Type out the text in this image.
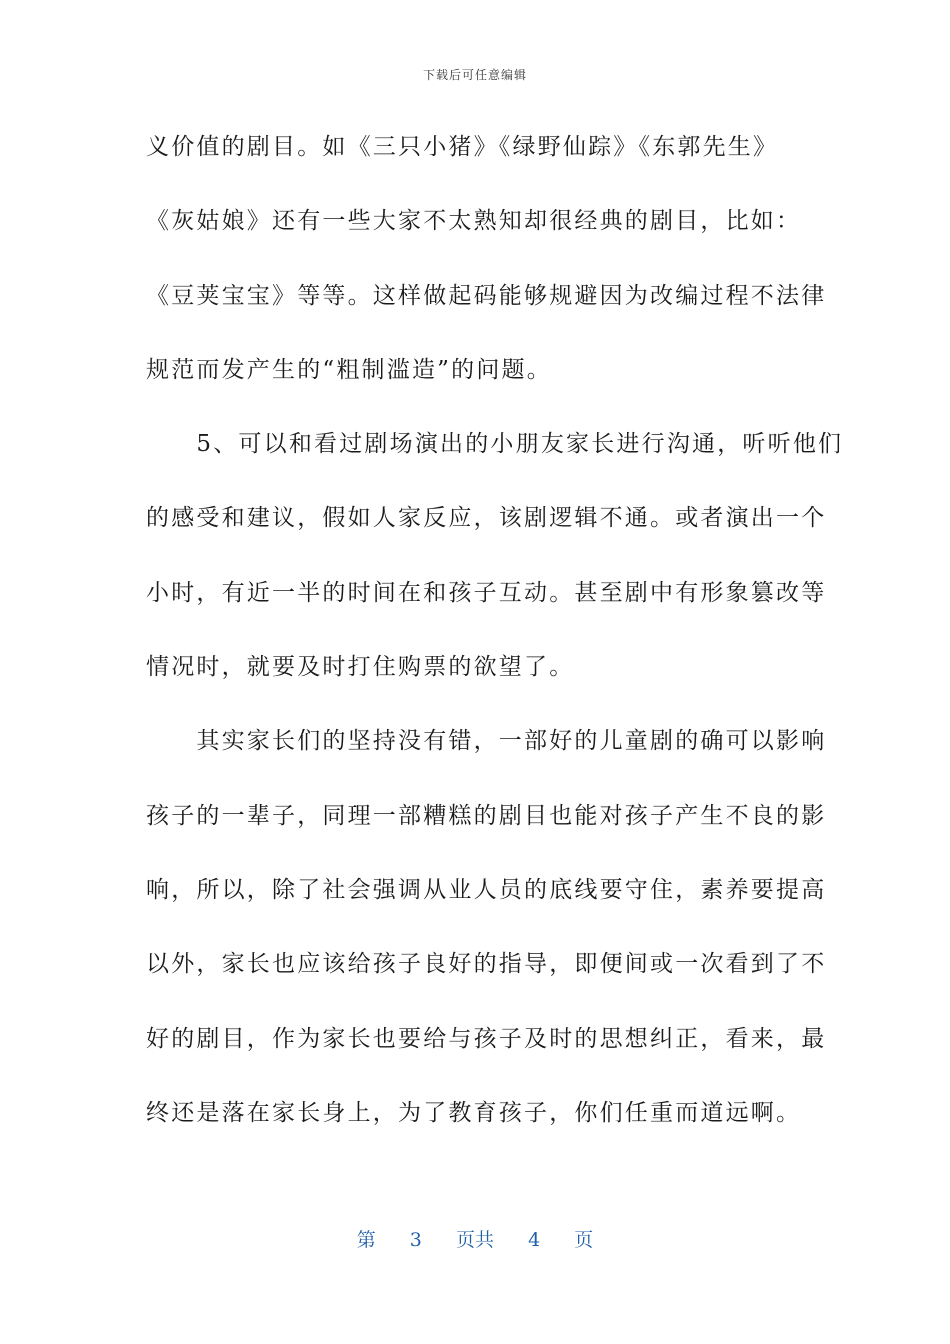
下载后可任意编辑
义价值的剧目。如《三只小猪》《绿野仙踪》《东郭先生》
《灰姑娘》还有一些大家不太熟知却很经典的剧目，比如：
《豆荚宝宝》等等。这样做起码能够规避因为改编过程不法律
规范而发产生的“粗制滥造”的问题。
　　5、可以和看过剧场演出的小朋友家长进行沟通，听听他们
的感受和建议，假如人家反应，该剧逻辑不通。或者演出一个
小时，有近一半的时间在和孩子互动。甚至剧中有形象篡改等
情况时，就要及时打住购票的欲望了。
　　其实家长们的坚持没有错，一部好的儿童剧的确可以影响
孩子的一辈子，同理一部糟糕的剧目也能对孩子产生不良的影
响，所以，除了社会强调从业人员的底线要守住，素养要提高
以外，家长也应该给孩子良好的指导，即便间或一次看到了不
好的剧目，作为家长也要给与孩子及时的思想纠正，看来，最
终还是落在家长身上，为了教育孩子，你们任重而道远啊。
第 3 页共 4 页
